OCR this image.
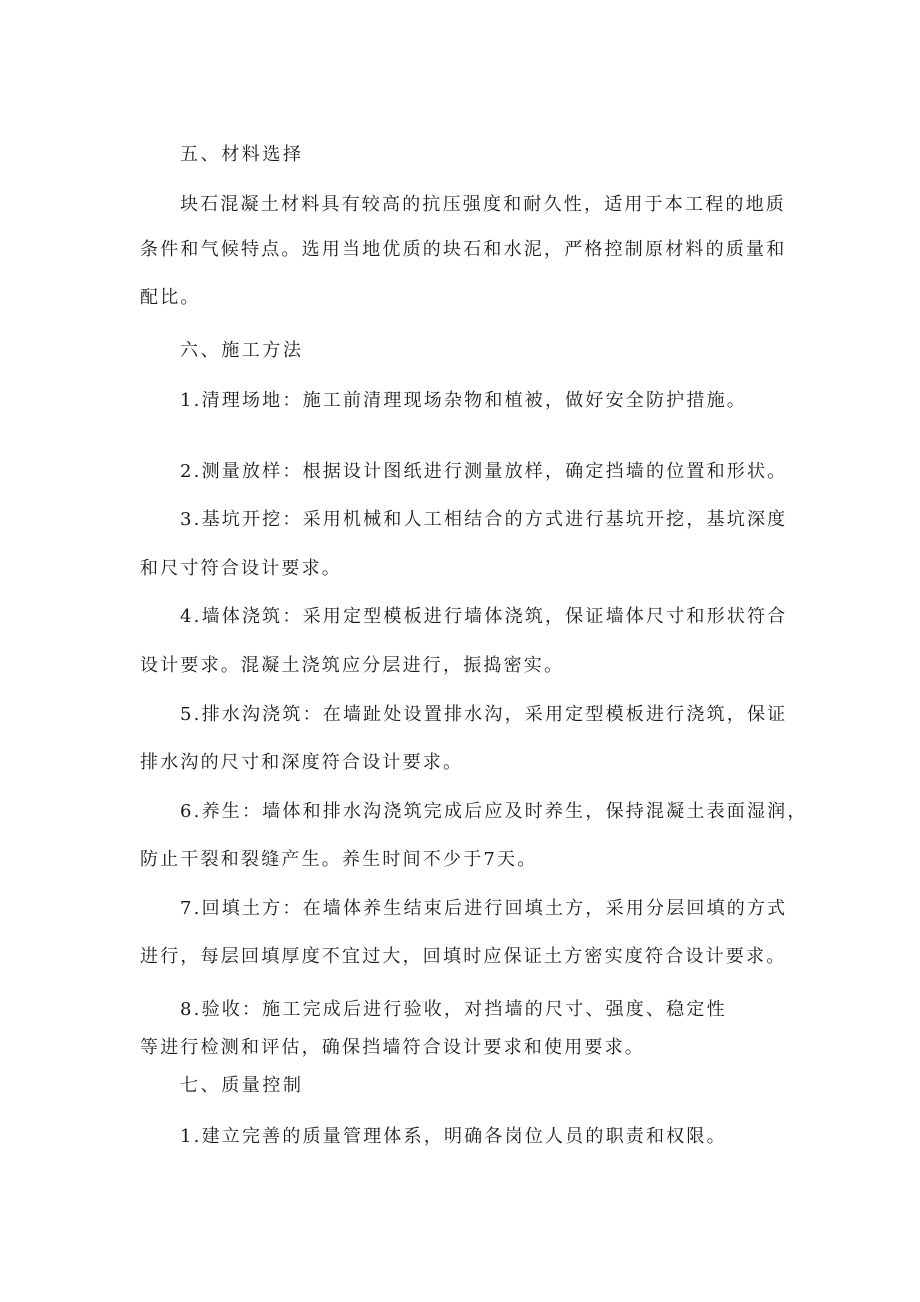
五、材料选择
块石混凝土材料具有较高的抗压强度和耐久性，适用于本工程的地质
条件和气候特点。选用当地优质的块石和水泥，严格控制原材料的质量和
配比。
六、施工方法
1.清理场地：施工前清理现场杂物和植被，做好安全防护措施。
2.测量放样：根据设计图纸进行测量放样，确定挡墙的位置和形状。
3.基坑开挖：采用机械和人工相结合的方式进行基坑开挖，基坑深度
和尺寸符合设计要求。
4.墙体浇筑：采用定型模板进行墙体浇筑，保证墙体尺寸和形状符合
设计要求。混凝土浇筑应分层进行，振捣密实。
5.排水沟浇筑：在墙趾处设置排水沟，采用定型模板进行浇筑，保证
排水沟的尺寸和深度符合设计要求。
6.养生：墙体和排水沟浇筑完成后应及时养生，保持混凝土表面湿润，
防止干裂和裂缝产生。养生时间不少于7天。
7.回填土方：在墙体养生结束后进行回填土方，采用分层回填的方式
进行，每层回填厚度不宜过大，回填时应保证土方密实度符合设计要求。
8.验收：施工完成后进行验收，对挡墙的尺寸、强度、稳定性
等进行检测和评估，确保挡墙符合设计要求和使用要求。
七、质量控制
1.建立完善的质量管理体系，明确各岗位人员的职责和权限。
